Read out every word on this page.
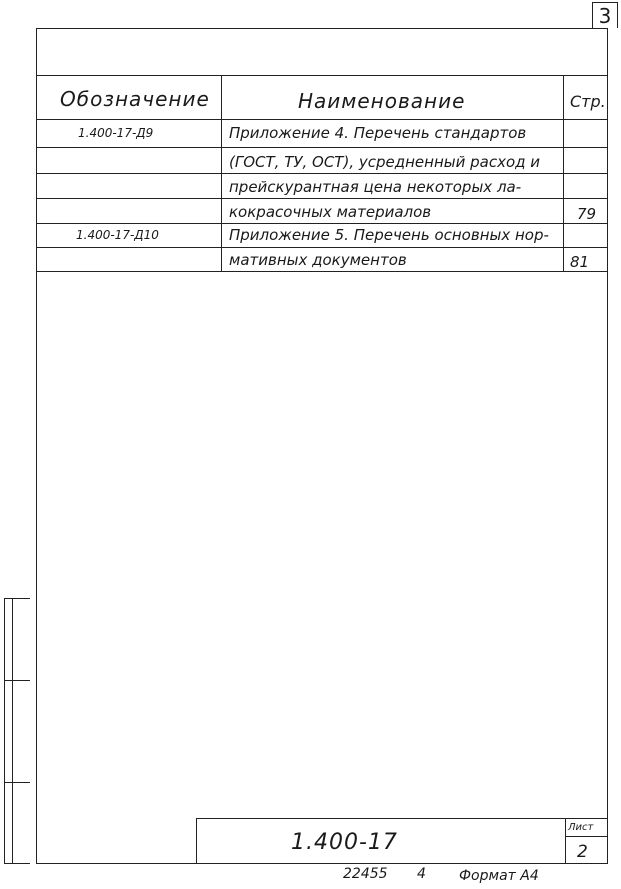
3
Обозначение	Наименование	Стр.
1.400-17-Д9	Приложение 4. Перечень стандартов
(ГОСТ, ТУ, ОСТ), усредненный расход и
прейскурантная цена некоторых ла-
кокрасочных материалов	79
1.400-17-Д10	Приложение 5. Перечень основных нор-
мативных документов	81
1.400-17
Лист
2
22455 4 Формат А4
